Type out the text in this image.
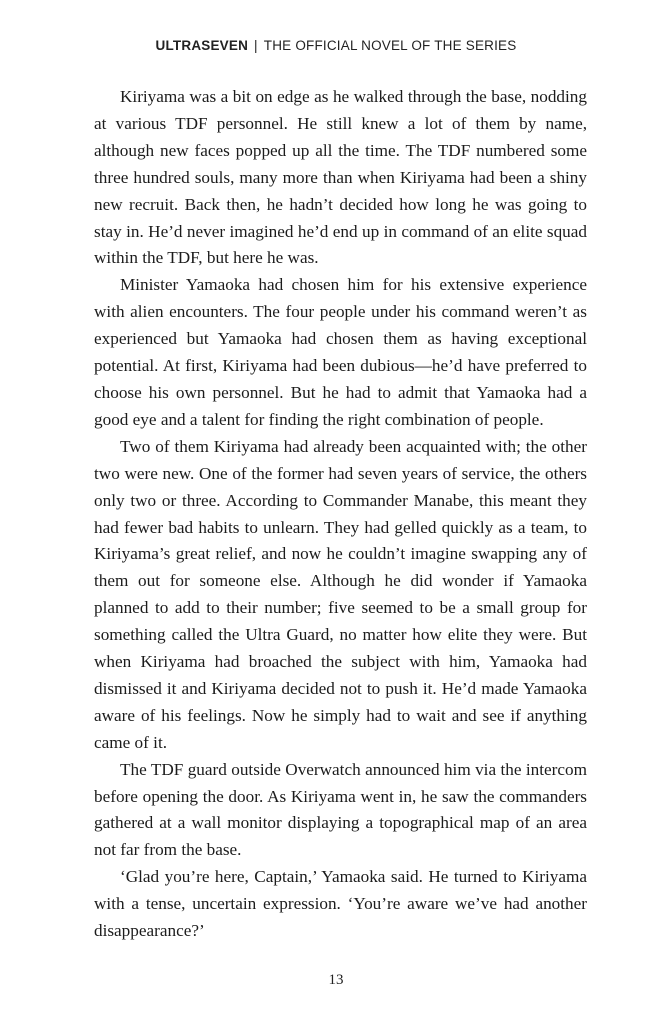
ULTRASEVEN | THE OFFICIAL NOVEL OF THE SERIES

Kiriyama was a bit on edge as he walked through the base, nodding at various TDF personnel. He still knew a lot of them by name, although new faces popped up all the time. The TDF numbered some three hundred souls, many more than when Kiriyama had been a shiny new recruit. Back then, he hadn’t decided how long he was going to stay in. He’d never imagined he’d end up in command of an elite squad within the TDF, but here he was.

Minister Yamaoka had chosen him for his extensive experience with alien encounters. The four people under his command weren’t as experienced but Yamaoka had chosen them as having exceptional potential. At first, Kiriyama had been dubious—he’d have preferred to choose his own personnel. But he had to admit that Yamaoka had a good eye and a talent for finding the right combination of people.

Two of them Kiriyama had already been acquainted with; the other two were new. One of the former had seven years of service, the others only two or three. According to Commander Manabe, this meant they had fewer bad habits to unlearn. They had gelled quickly as a team, to Kiriyama’s great relief, and now he couldn’t imagine swapping any of them out for someone else. Although he did wonder if Yamaoka planned to add to their number; five seemed to be a small group for something called the Ultra Guard, no matter how elite they were. But when Kiriyama had broached the subject with him, Yamaoka had dismissed it and Kiriyama decided not to push it. He’d made Yamaoka aware of his feelings. Now he simply had to wait and see if anything came of it.

The TDF guard outside Overwatch announced him via the intercom before opening the door. As Kiriyama went in, he saw the commanders gathered at a wall monitor displaying a topographical map of an area not far from the base.

‘Glad you’re here, Captain,’ Yamaoka said. He turned to Kiriyama with a tense, uncertain expression. ‘You’re aware we’ve had another disappearance?’

13
